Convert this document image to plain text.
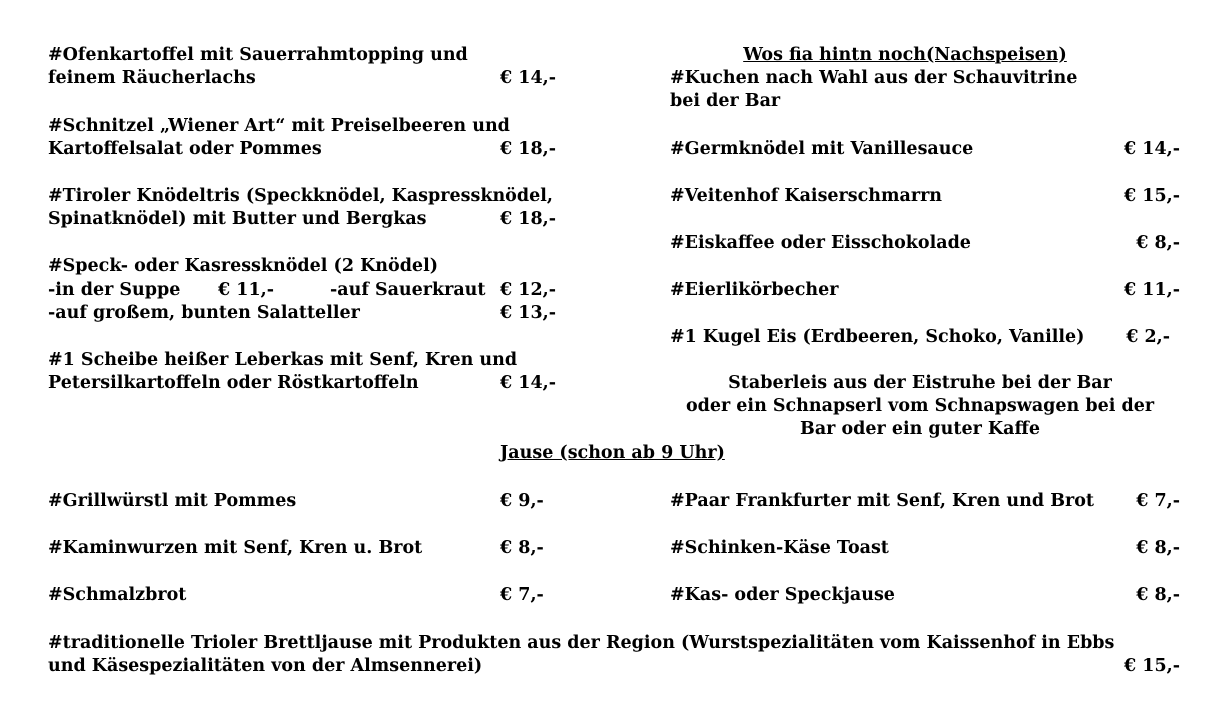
#Ofenkartoffel mit Sauerrahmtopping und
feinem Räucherlachs	€ 14,-
#Schnitzel „Wiener Art“ mit Preiselbeeren und
Kartoffelsalat oder Pommes	€ 18,-
#Tiroler Knödeltris (Speckknödel, Kaspressknödel,
Spinatknödel) mit Butter und Bergkas	€ 18,-
#Speck- oder Kasressknödel (2 Knödel)
-in der Suppe € 11,-	-auf Sauerkraut € 12,-
-auf großem, bunten Salatteller	€ 13,-
#1 Scheibe heißer Leberkas mit Senf, Kren und
Petersilkartoffeln oder Röstkartoffeln	€ 14,-
Wos fia hintn noch(Nachspeisen)
#Kuchen nach Wahl aus der Schauvitrine
bei der Bar
#Germknödel mit Vanillesauce	€ 14,-
#Veitenhof Kaiserschmarrn	€ 15,-
#Eiskaffee oder Eisschokolade	€ 8,-
#Eierlikörbecher	€ 11,-
#1 Kugel Eis (Erdbeeren, Schoko, Vanille)	€ 2,-
Staberleis aus der Eistruhe bei der Bar
oder ein Schnapserl vom Schnapswagen bei der
Bar oder ein guter Kaffe
Jause (schon ab 9 Uhr)
#Grillwürstl mit Pommes	€ 9,-
#Kaminwurzen mit Senf, Kren u. Brot	€ 8,-
#Schmalzbrot	€ 7,-
#Paar Frankfurter mit Senf, Kren und Brot	€ 7,-
#Schinken-Käse Toast	€ 8,-
#Kas- oder Speckjause	€ 8,-
#traditionelle Trioler Brettljause mit Produkten aus der Region (Wurstspezialitäten vom Kaissenhof in Ebbs
und Käsespezialitäten von der Almsennerei)	€ 15,-
